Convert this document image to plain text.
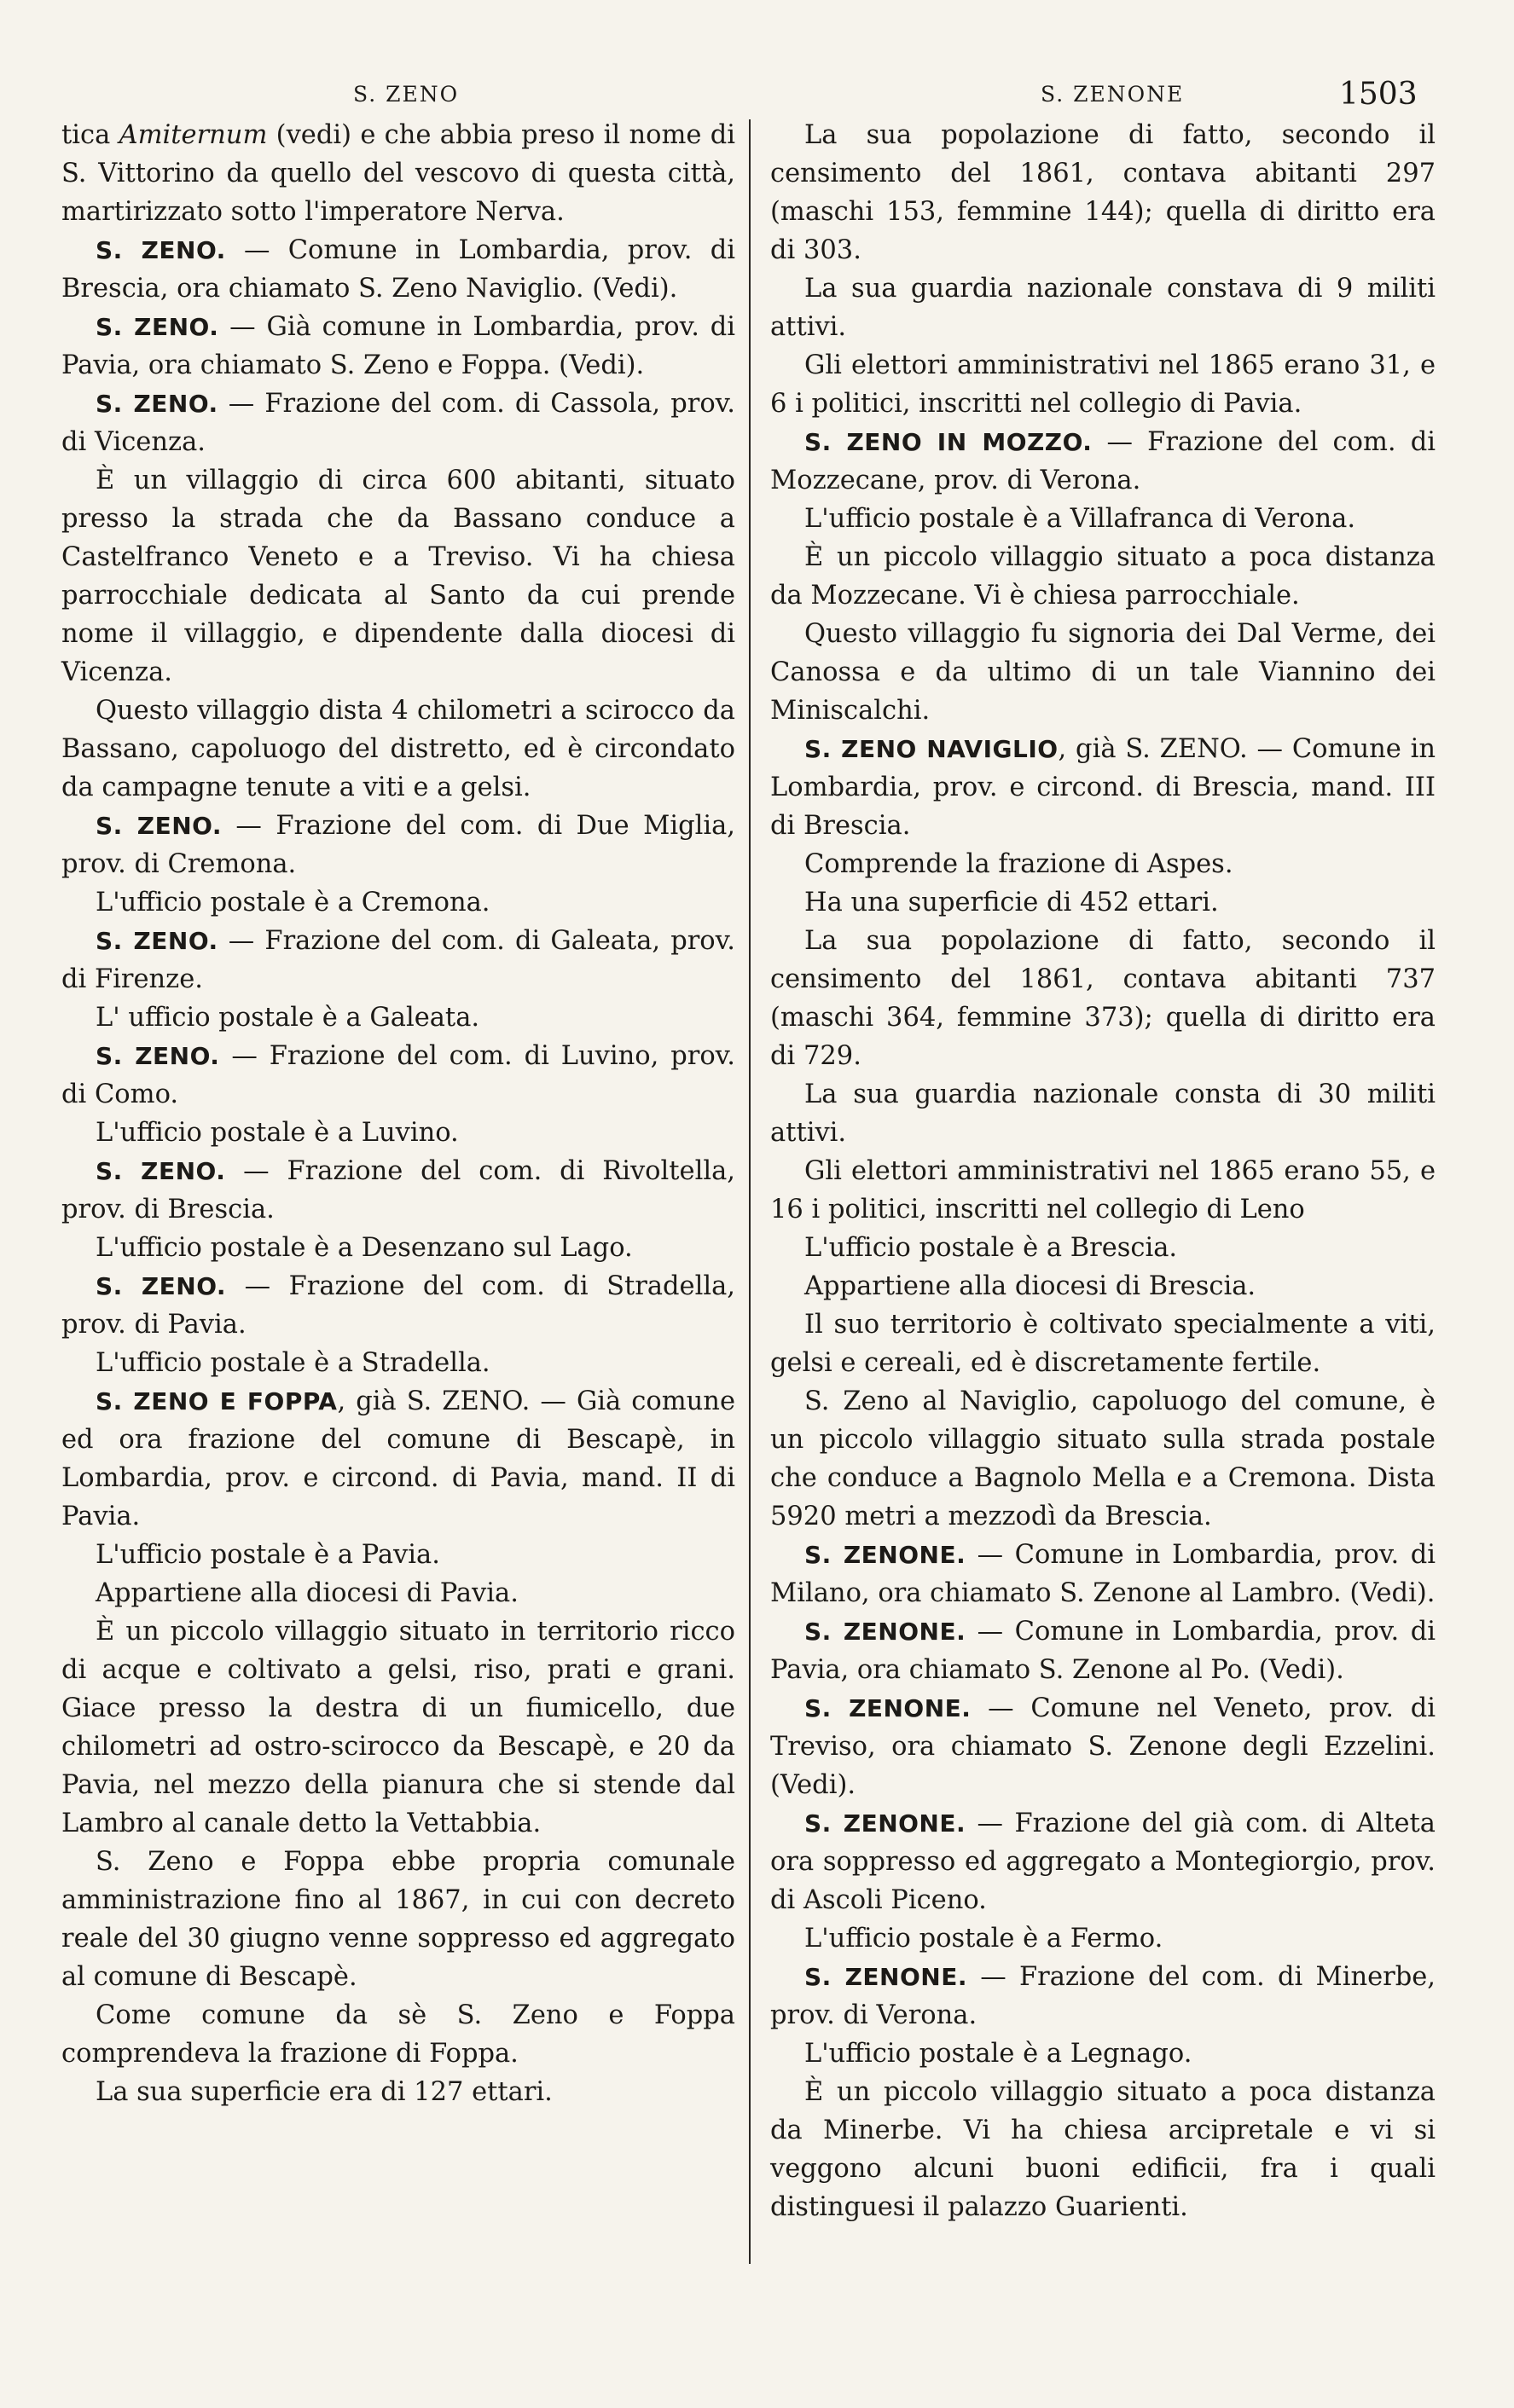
S. ZENO	S. ZENONE	1503

tica Amiternum (vedi) e che abbia preso il nome di S. Vittorino da quello del vescovo di questa città, martirizzato sotto l'imperatore Nerva.

S. ZENO. — Comune in Lombardia, prov. di Brescia, ora chiamato S. Zeno Naviglio. (Vedi).

S. ZENO. — Già comune in Lombardia, prov. di Pavia, ora chiamato S. Zeno e Foppa. (Vedi).

S. ZENO. — Frazione del com. di Cassola, prov. di Vicenza.

È un villaggio di circa 600 abitanti, situato presso la strada che da Bassano conduce a Castelfranco Veneto e a Treviso. Vi ha chiesa parrocchiale dedicata al Santo da cui prende nome il villaggio, e dipendente dalla diocesi di Vicenza.

Questo villaggio dista 4 chilometri a scirocco da Bassano, capoluogo del distretto, ed è circondato da campagne tenute a viti e a gelsi.

S. ZENO. — Frazione del com. di Due Miglia, prov. di Cremona.

L'ufficio postale è a Cremona.

S. ZENO. — Frazione del com. di Galeata, prov. di Firenze.

L' ufficio postale è a Galeata.

S. ZENO. — Frazione del com. di Luvino, prov. di Como.

L'ufficio postale è a Luvino.

S. ZENO. — Frazione del com. di Rivoltella, prov. di Brescia.

L'ufficio postale è a Desenzano sul Lago.

S. ZENO. — Frazione del com. di Stradella, prov. di Pavia.

L'ufficio postale è a Stradella.

S. ZENO E FOPPA, già S. ZENO. — Già comune ed ora frazione del comune di Bescapè, in Lombardia, prov. e circond. di Pavia, mand. II di Pavia.

L'ufficio postale è a Pavia.

Appartiene alla diocesi di Pavia.

È un piccolo villaggio situato in territorio ricco di acque e coltivato a gelsi, riso, prati e grani. Giace presso la destra di un fiumicello, due chilometri ad ostro-scirocco da Bescapè, e 20 da Pavia, nel mezzo della pianura che si stende dal Lambro al canale detto la Vettabbia.

S. Zeno e Foppa ebbe propria comunale amministrazione fino al 1867, in cui con decreto reale del 30 giugno venne soppresso ed aggregato al comune di Bescapè.

Come comune da sè S. Zeno e Foppa comprendeva la frazione di Foppa.

La sua superficie era di 127 ettari.

La sua popolazione di fatto, secondo il censimento del 1861, contava abitanti 297 (maschi 153, femmine 144); quella di diritto era di 303.

La sua guardia nazionale constava di 9 militi attivi.

Gli elettori amministrativi nel 1865 erano 31, e 6 i politici, inscritti nel collegio di Pavia.

S. ZENO IN MOZZO. — Frazione del com. di Mozzecane, prov. di Verona.

L'ufficio postale è a Villafranca di Verona.

È un piccolo villaggio situato a poca distanza da Mozzecane. Vi è chiesa parrocchiale.

Questo villaggio fu signoria dei Dal Verme, dei Canossa e da ultimo di un tale Viannino dei Miniscalchi.

S. ZENO NAVIGLIO, già S. ZENO. — Comune in Lombardia, prov. e circond. di Brescia, mand. III di Brescia.

Comprende la frazione di Aspes.

Ha una superficie di 452 ettari.

La sua popolazione di fatto, secondo il censimento del 1861, contava abitanti 737 (maschi 364, femmine 373); quella di diritto era di 729.

La sua guardia nazionale consta di 30 militi attivi.

Gli elettori amministrativi nel 1865 erano 55, e 16 i politici, inscritti nel collegio di Leno

L'ufficio postale è a Brescia.

Appartiene alla diocesi di Brescia.

Il suo territorio è coltivato specialmente a viti, gelsi e cereali, ed è discretamente fertile.

S. Zeno al Naviglio, capoluogo del comune, è un piccolo villaggio situato sulla strada postale che conduce a Bagnolo Mella e a Cremona. Dista 5920 metri a mezzodì da Brescia.

S. ZENONE. — Comune in Lombardia, prov. di Milano, ora chiamato S. Zenone al Lambro. (Vedi).

S. ZENONE. — Comune in Lombardia, prov. di Pavia, ora chiamato S. Zenone al Po. (Vedi).

S. ZENONE. — Comune nel Veneto, prov. di Treviso, ora chiamato S. Zenone degli Ezzelini. (Vedi).

S. ZENONE. — Frazione del già com. di Alteta ora soppresso ed aggregato a Montegiorgio, prov. di Ascoli Piceno.

L'ufficio postale è a Fermo.

S. ZENONE. — Frazione del com. di Minerbe, prov. di Verona.

L'ufficio postale è a Legnago.

È un piccolo villaggio situato a poca distanza da Minerbe. Vi ha chiesa arcipretale e vi si veggono alcuni buoni edificii, fra i quali distinguesi il palazzo Guarienti.
